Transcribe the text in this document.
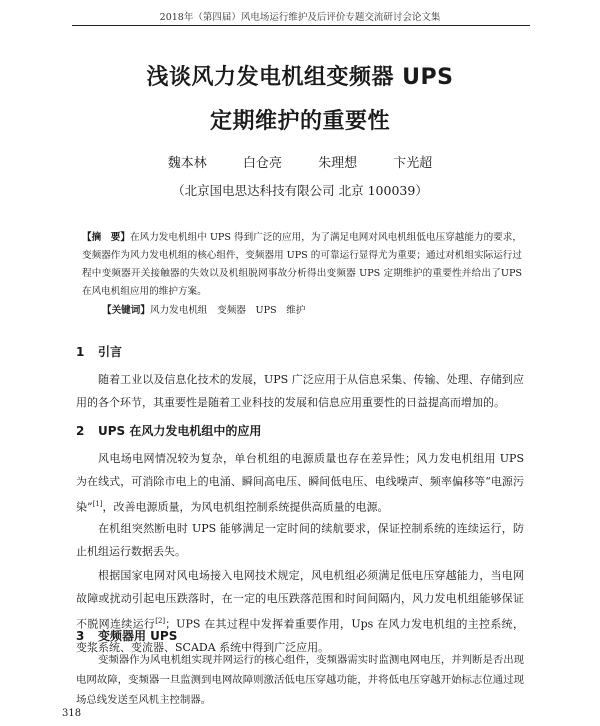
2018年（第四届）风电场运行维护及后评价专题交流研讨会论文集
浅谈风力发电机组变频器 UPS
定期维护的重要性
魏本林	白仓亮	朱理想	卞光超
（北京国电思达科技有限公司 北京 100039）
【摘　要】在风力发电机组中 UPS 得到广泛的应用，为了满足电网对风电机组低电压穿越能力的要求，变频器作为风力发电机组的核心组件，变频器用 UPS 的可靠运行显得尤为重要；通过对机组实际运行过程中变频器开关接触器的失效以及机组脱网事故分析得出变频器 UPS 定期维护的重要性并给出了UPS在风电机组应用的维护方案。
【关键词】风力发电机组　变频器　UPS　维护
1 引言
随着工业以及信息化技术的发展，UPS 广泛应用于从信息采集、传输、处理、存储到应用的各个环节，其重要性是随着工业科技的发展和信息应用重要性的日益提高而增加的。
2 UPS 在风力发电机组中的应用
风电场电网情况较为复杂，单台机组的电源质量也存在差异性；风力发电机组用 UPS 为在线式，可消除市电上的电涌、瞬间高电压、瞬间低电压、电线噪声、频率偏移等“电源污染”[1]，改善电源质量，为风电机组控制系统提供高质量的电源。
在机组突然断电时 UPS 能够满足一定时间的续航要求，保证控制系统的连续运行，防止机组运行数据丢失。
根据国家电网对风电场接入电网技术规定，风电机组必须满足低电压穿越能力，当电网故障或扰动引起电压跌落时，在一定的电压跌落范围和时间间隔内，风力发电机组能够保证不脱网连续运行[2]；UPS 在其过程中发挥着重要作用，Ups 在风力发电机组的主控系统，变浆系统、变流器、SCADA 系统中得到广泛应用。
3 变频器用 UPS
变频器作为风电机组实现并网运行的核心组件，变频器需实时监测电网电压，并判断是否出现电网故障，变频器一旦监测到电网故障则激活低电压穿越功能，并将低电压穿越开始标志位通过现场总线发送至风机主控制器。
318
